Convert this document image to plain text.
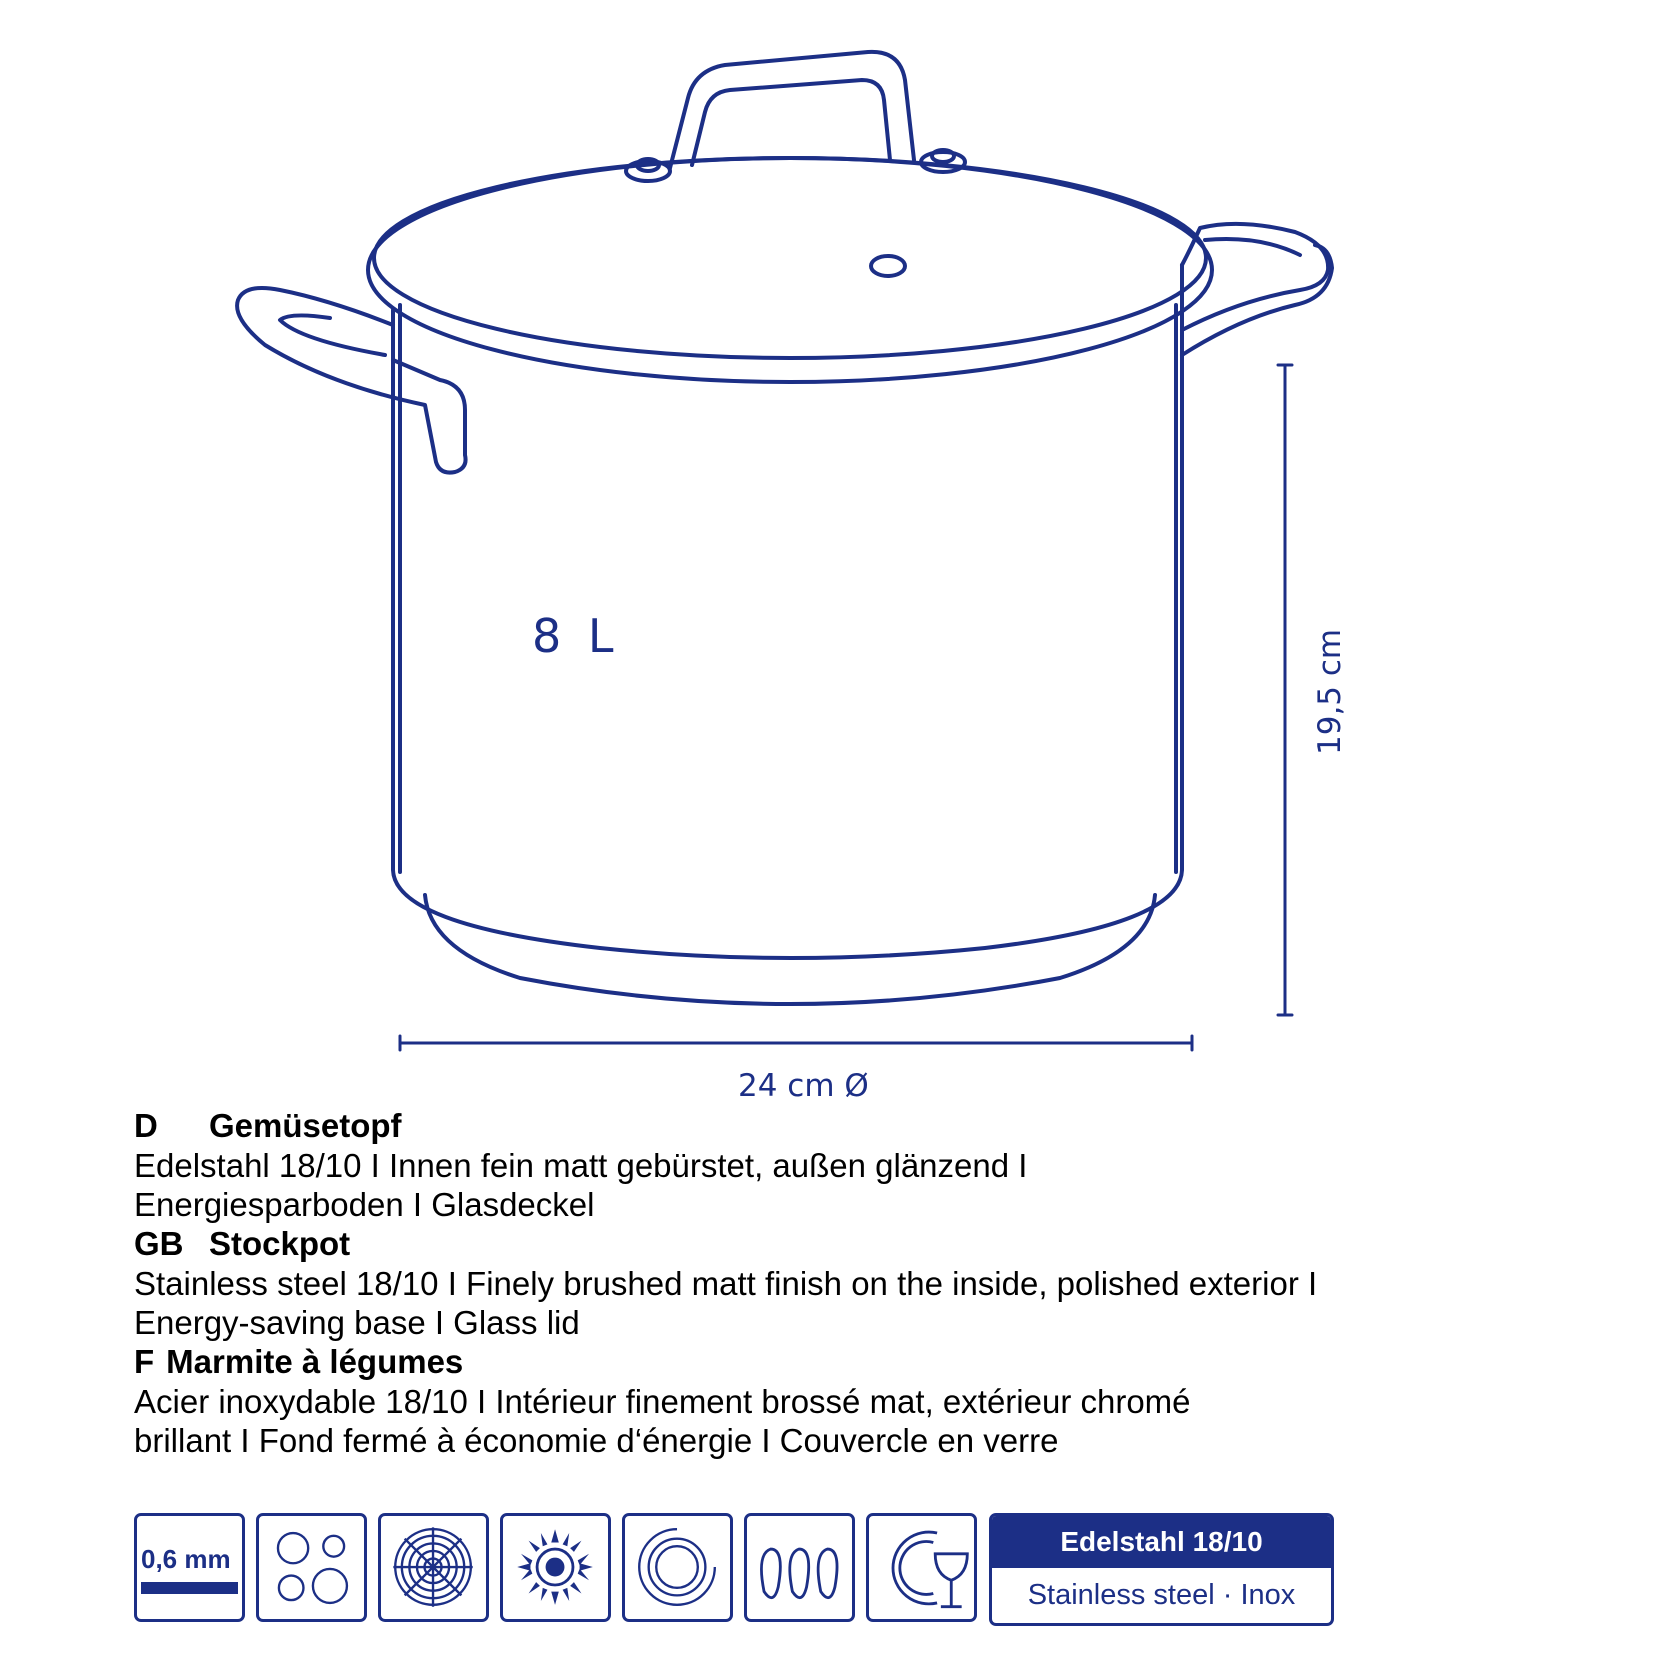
8 L
24 cm Ø
19,5 cm
D Gemüsetopf
Edelstahl 18/10 I Innen fein matt gebürstet, außen glänzend I
Energiesparboden I Glasdeckel
GB Stockpot
Stainless steel 18/10 I Finely brushed matt finish on the inside, polished exterior I
Energy-saving base I Glass lid
F Marmite à légumes
Acier inoxydable 18/10 I Intérieur finement brossé mat, extérieur chromé
brillant I Fond fermé à économie d‘énergie I Couvercle en verre
0,6 mm
Edelstahl 18/10
Stainless steel · Inox
